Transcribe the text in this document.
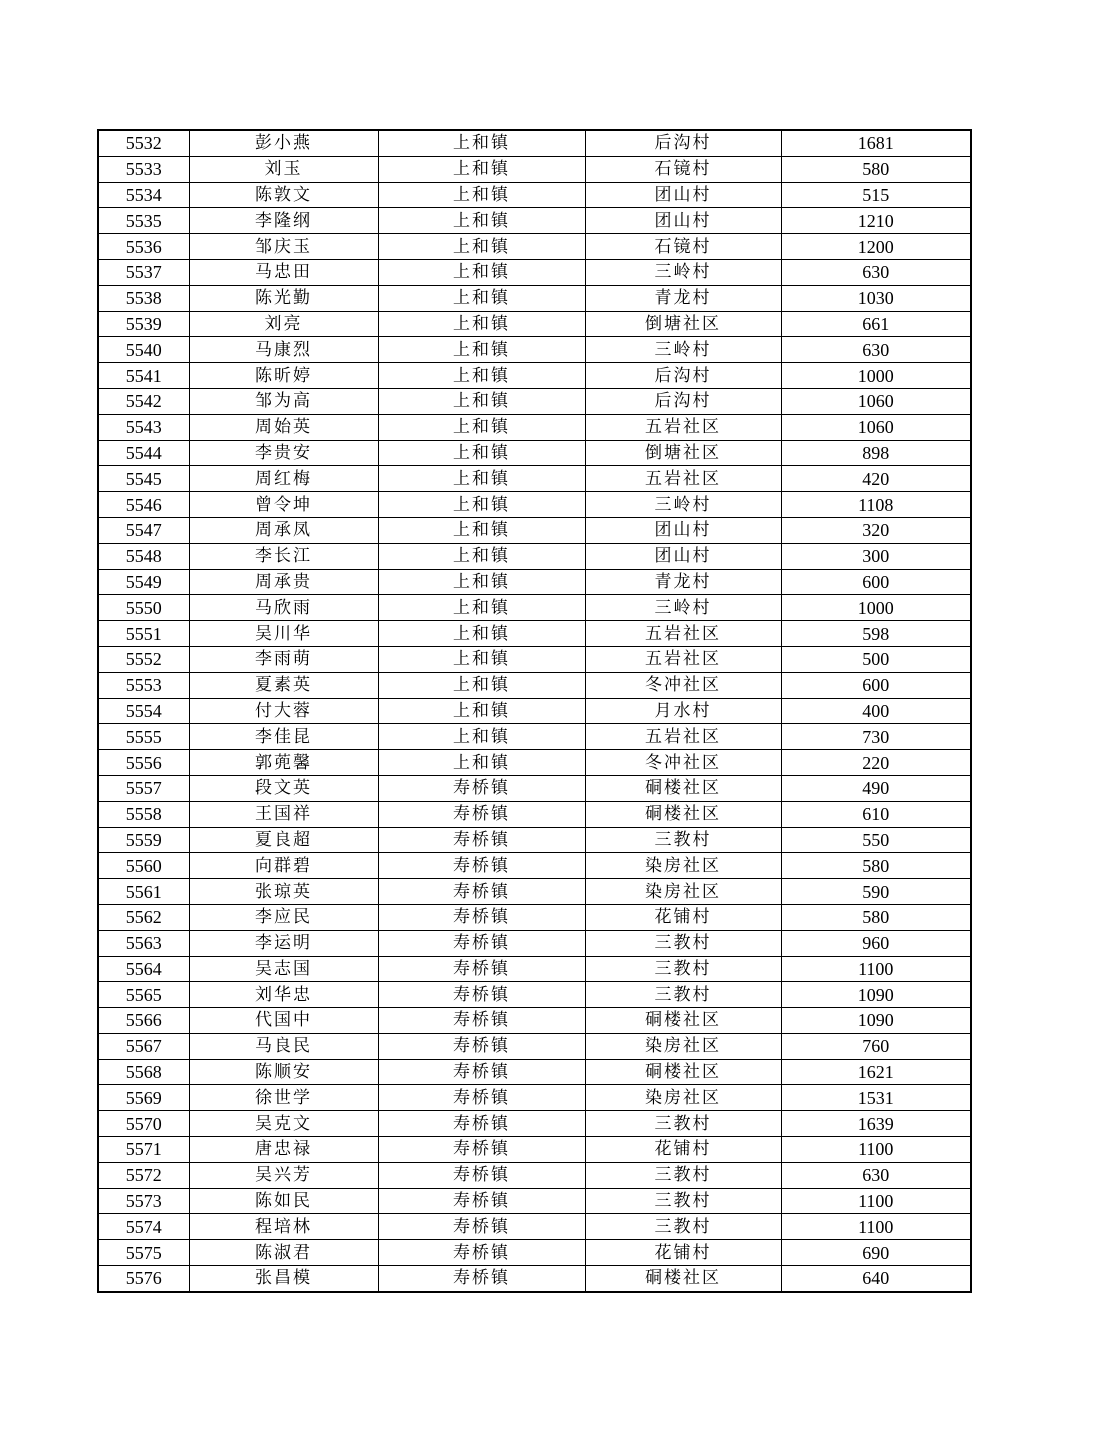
5532	彭小燕	上和镇	后沟村	1681
5533	刘玉	上和镇	石镜村	580
5534	陈敦文	上和镇	团山村	515
5535	李隆纲	上和镇	团山村	1210
5536	邹庆玉	上和镇	石镜村	1200
5537	马忠田	上和镇	三岭村	630
5538	陈光勤	上和镇	青龙村	1030
5539	刘亮	上和镇	倒塘社区	661
5540	马康烈	上和镇	三岭村	630
5541	陈昕婷	上和镇	后沟村	1000
5542	邹为高	上和镇	后沟村	1060
5543	周始英	上和镇	五岩社区	1060
5544	李贵安	上和镇	倒塘社区	898
5545	周红梅	上和镇	五岩社区	420
5546	曾令坤	上和镇	三岭村	1108
5547	周承凤	上和镇	团山村	320
5548	李长江	上和镇	团山村	300
5549	周承贵	上和镇	青龙村	600
5550	马欣雨	上和镇	三岭村	1000
5551	吴川华	上和镇	五岩社区	598
5552	李雨萌	上和镇	五岩社区	500
5553	夏素英	上和镇	冬冲社区	600
5554	付大蓉	上和镇	月水村	400
5555	李佳昆	上和镇	五岩社区	730
5556	郭蔸馨	上和镇	冬冲社区	220
5557	段文英	寿桥镇	硐楼社区	490
5558	王国祥	寿桥镇	硐楼社区	610
5559	夏良超	寿桥镇	三教村	550
5560	向群碧	寿桥镇	染房社区	580
5561	张琼英	寿桥镇	染房社区	590
5562	李应民	寿桥镇	花铺村	580
5563	李运明	寿桥镇	三教村	960
5564	吴志国	寿桥镇	三教村	1100
5565	刘华忠	寿桥镇	三教村	1090
5566	代国中	寿桥镇	硐楼社区	1090
5567	马良民	寿桥镇	染房社区	760
5568	陈顺安	寿桥镇	硐楼社区	1621
5569	徐世学	寿桥镇	染房社区	1531
5570	吴克文	寿桥镇	三教村	1639
5571	唐忠禄	寿桥镇	花铺村	1100
5572	吴兴芳	寿桥镇	三教村	630
5573	陈如民	寿桥镇	三教村	1100
5574	程培林	寿桥镇	三教村	1100
5575	陈淑君	寿桥镇	花铺村	690
5576	张昌模	寿桥镇	硐楼社区	640
